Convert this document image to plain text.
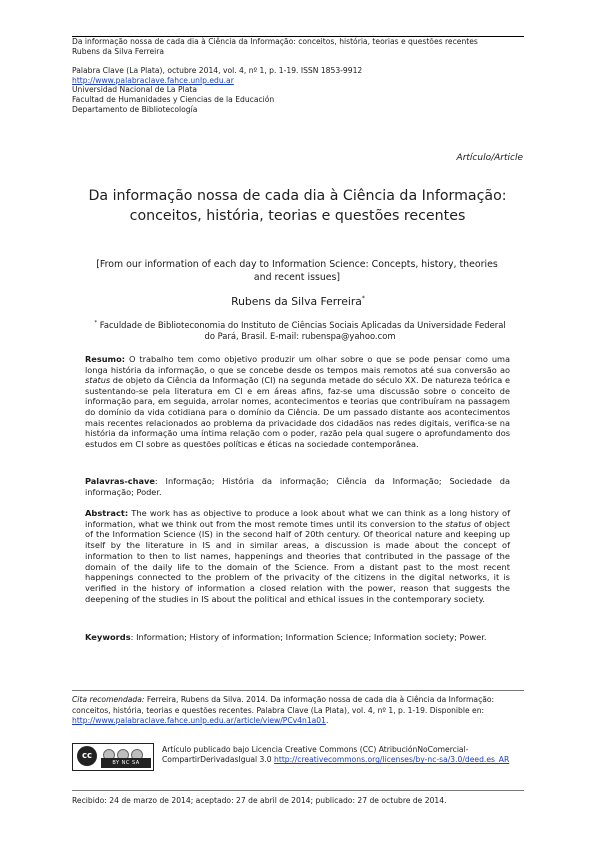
Da informação nossa de cada dia à Ciência da Informação: conceitos, história, teorias e questões recentes
Rubens da Silva Ferreira
Palabra Clave (La Plata), octubre 2014, vol. 4, nº 1, p. 1-19. ISSN 1853-9912
http://www.palabraclave.fahce.unlp.edu.ar
Universidad Nacional de La Plata
Facultad de Humanidades y Ciencias de la Educación
Departamento de Bibliotecología
Artículo/Article
Da informação nossa de cada dia à Ciência da Informação: conceitos, história, teorias e questões recentes
[From our information of each day to Information Science: Concepts, history, theories and recent issues]
Rubens da Silva Ferreira*
* Faculdade de Biblioteconomia do Instituto de Ciências Sociais Aplicadas da Universidade Federal do Pará, Brasil. E-mail: rubenspa@yahoo.com
Resumo: O trabalho tem como objetivo produzir um olhar sobre o que se pode pensar como uma longa história da informação, o que se concebe desde os tempos mais remotos até sua conversão ao status de objeto da Ciência da Informação (CI) na segunda metade do século XX. De natureza teórica e sustentando-se pela literatura em CI e em áreas afins, faz-se uma discussão sobre o conceito de informação para, em seguida, arrolar nomes, acontecimentos e teorias que contribuíram na passagem do domínio da vida cotidiana para o domínio da Ciência. De um passado distante aos acontecimentos mais recentes relacionados ao problema da privacidade dos cidadãos nas redes digitais, verifica-se na história da informação uma íntima relação com o poder, razão pela qual sugere o aprofundamento dos estudos em CI sobre as questões políticas e éticas na sociedade contemporânea.
Palavras-chave: Informação; História da informação; Ciência da Informação; Sociedade da informação; Poder.
Abstract: The work has as objective to produce a look about what we can think as a long history of information, what we think out from the most remote times until its conversion to the status of object of the Information Science (IS) in the second half of 20th century. Of theorical nature and keeping up itself by the literature in IS and in similar areas, a discussion is made about the concept of information to then to list names, happenings and theories that contributed in the passage of the domain of the daily life to the domain of the Science. From a distant past to the most recent happenings connected to the problem of the privacity of the citizens in the digital networks, it is verified in the history of information a closed relation with the power, reason that suggests the deepening of the studies in IS about the political and ethical issues in the contemporary society.
Keywords: Information; History of information; Information Science; Information society; Power.
Cita recomendada: Ferreira, Rubens da Silva. 2014. Da informação nossa de cada dia à Ciência da Informação: conceitos, história, teorias e questões recentes. Palabra Clave (La Plata), vol. 4, nº 1, p. 1-19. Disponible en: http://www.palabraclave.fahce.unlp.edu.ar/article/view/PCv4n1a01.
cc
BY NC SA
Artículo publicado bajo Licencia Creative Commons (CC) AtribuciónNoComercial-CompartirDerivadasIgual 3.0 http://creativecommons.org/licenses/by-nc-sa/3.0/deed.es_AR
Recibido: 24 de marzo de 2014; aceptado: 27 de abril de 2014; publicado: 27 de octubre de 2014.
